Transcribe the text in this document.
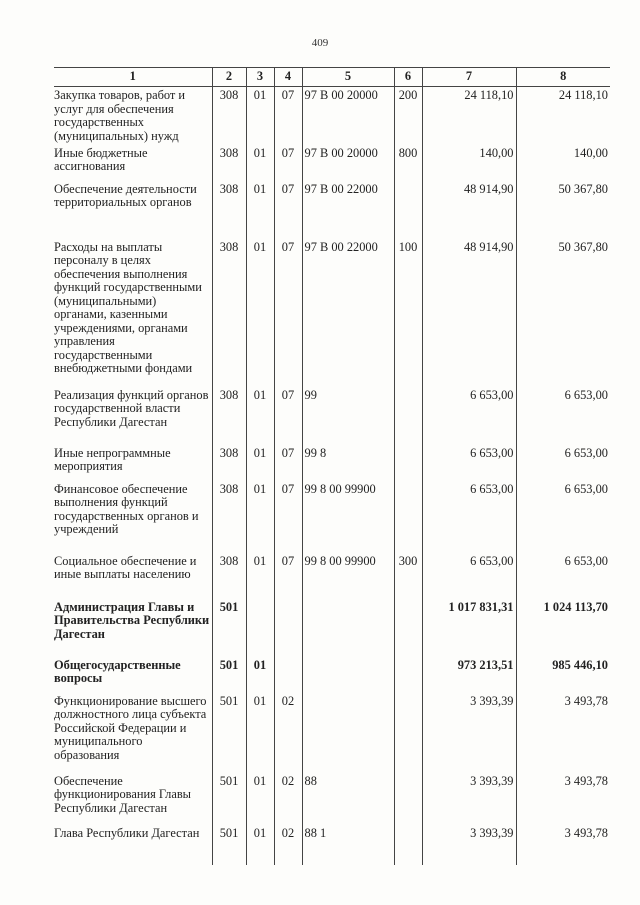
409
1	2	3	4	5	6	7	8
Закупка товаров, работ и услуг для обеспечения государственных (муниципальных) нужд	308	01	07	97 В 00 20000	200	24 118,10	24 118,10
Иные бюджетные ассигнования	308	01	07	97 В 00 20000	800	140,00	140,00
Обеспечение деятельности территориальных органов	308	01	07	97 В 00 22000		48 914,90	50 367,80
Расходы на выплаты персоналу в целях обеспечения выполнения функций государственными (муниципальными) органами, казенными учреждениями, органами управления государственными внебюджетными фондами	308	01	07	97 В 00 22000	100	48 914,90	50 367,80
Реализация функций органов государственной власти Республики Дагестан	308	01	07	99		6 653,00	6 653,00
Иные непрограммные мероприятия	308	01	07	99 8		6 653,00	6 653,00
Финансовое обеспечение выполнения функций государственных органов и учреждений	308	01	07	99 8 00 99900		6 653,00	6 653,00
Социальное обеспечение и иные выплаты населению	308	01	07	99 8 00 99900	300	6 653,00	6 653,00
Администрация Главы и Правительства Республики Дагестан	501					1 017 831,31	1 024 113,70
Общегосударственные вопросы	501	01				973 213,51	985 446,10
Функционирование высшего должностного лица субъекта Российской Федерации и муниципального образования	501	01	02			3 393,39	3 493,78
Обеспечение функционирования Главы Республики Дагестан	501	01	02	88		3 393,39	3 493,78
Глава Республики Дагестан	501	01	02	88 1		3 393,39	3 493,78
